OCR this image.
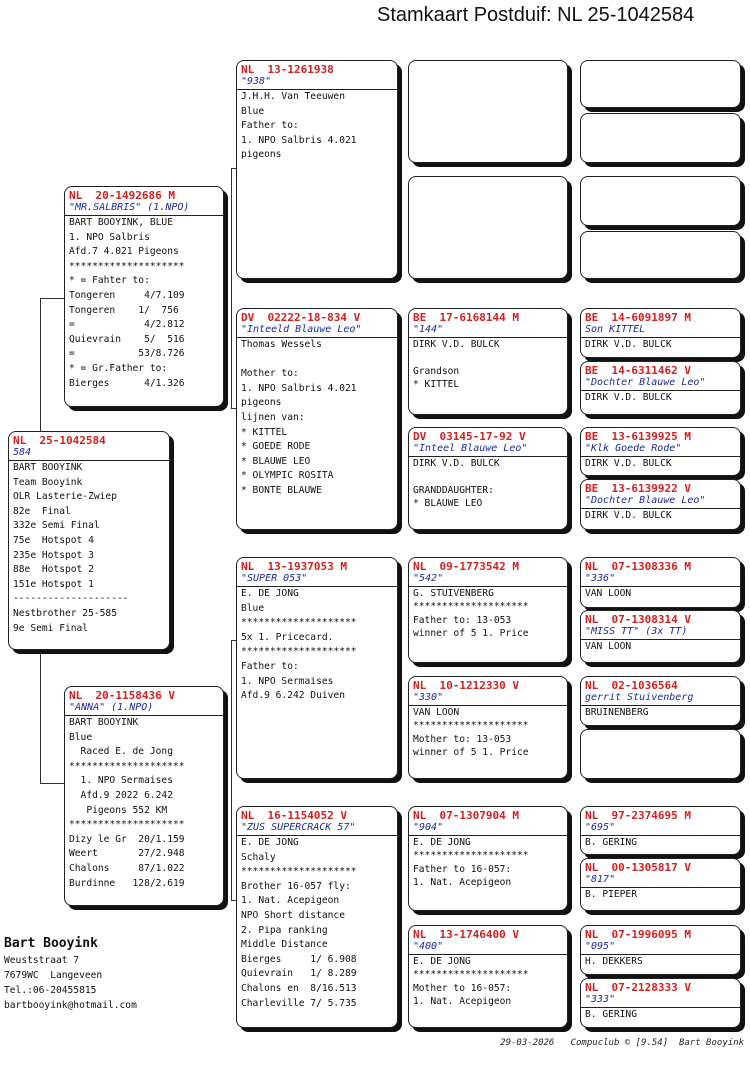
Stamkaart Postduif: NL 25-1042584
NL  25-1042584
584
BART BOOYINK
Team Booyink
OLR Lasterie-Zwiep
82e  Final
332e Semi Final
75e  Hotspot 4
235e Hotspot 3
88e  Hotspot 2
151e Hotspot 1
--------------------
Nestbrother 25-585
9e Semi Final
NL  20-1492686 M
"MR.SALBRIS" (1.NPO)
BART BOOYINK, BLUE
1. NPO Salbris
Afd.7 4.021 Pigeons
********************
* = Fahter to:
Tongeren     4/7.109
Tongeren    1/  756
=            4/2.812
Quievrain    5/  516
=           53/8.726
* = Gr.Father to:
Bierges      4/1.326
NL  20-1158436 V
"ANNA" (1.NPO)
BART BOOYINK
Blue
Raced E. de Jong
********************
1. NPO Sermaises
Afd.9 2022 6.242
Pigeons 552 KM
********************
Dizy le Gr  20/1.159
Weert       27/2.948
Chalons     87/1.022
Burdinne   128/2.619
NL  13-1261938
"938"
J.H.H. Van Teeuwen
Blue
Father to:
1. NPO Salbris 4.021
pigeons
DV  02222-18-834 V
"Inteeld Blauwe Leo"
Thomas Wessels

Mother to:
1. NPO Salbris 4.021
pigeons
lijnen van:
* KITTEL
* GOEDE RODE
* BLAUWE LEO
* OLYMPIC ROSITA
* BONTE BLAUWE
NL  13-1937053 M
"SUPER 053"
E. DE JONG
Blue
********************
5x 1. Pricecard.
********************
Father to:
1. NPO Sermaises
Afd.9 6.242 Duiven
NL  16-1154052 V
"ZUS SUPERCRACK 57"
E. DE JONG
Schaly
********************
Brother 16-057 fly:
1. Nat. Acepigeon
NPO Short distance
2. Pipa ranking
Middle Distance
Bierges     1/ 6.908
Quievrain   1/ 8.289
Chalons en  8/16.513
Charleville 7/ 5.735
BE  17-6168144 M
"144"
DIRK V.D. BULCK

Grandson
* KITTEL
DV  03145-17-92 V
"Inteel Blauwe Leo"
DIRK V.D. BULCK

GRANDDAUGHTER:
* BLAUWE LEO
NL  09-1773542 M
"542"
G. STUIVENBERG
********************
Father to: 13-053
winner of 5 1. Price
NL  10-1212330 V
"330"
VAN LOON
********************
Mother to: 13-053
winner of 5 1. Price
NL  07-1307904 M
"904"
E. DE JONG
********************
Father to 16-057:
1. Nat. Acepigeon
NL  13-1746400 V
"400"
E. DE JONG
********************
Mother to 16-057:
1. Nat. Acepigeon
BE  14-6091897 M
Son KITTEL
DIRK V.D. BULCK
BE  14-6311462 V
"Dochter Blauwe Leo"
DIRK V.D. BULCK
BE  13-6139925 M
"Klk Goede Rode"
DIRK V.D. BULCK
BE  13-6139922 V
"Dochter Blauwe Leo"
DIRK V.D. BULCK
NL  07-1308336 M
"336"
VAN LOON
NL  07-1308314 V
"MISS TT" (3x TT)
VAN LOON
NL  02-1036564
gerrit Stuivenberg
BRUINENBERG
NL  97-2374695 M
"695"
B. GERING
NL  00-1305817 V
"817"
B. PIEPER
NL  07-1996095 M
"095"
H. DEKKERS
NL  07-2128333 V
"333"
B. GERING
Bart Booyink
Weuststraat 7
7679WC  Langeveen
Tel.:06-20455815
bartbooyink@hotmail.com
29-03-2026   Compuclub © [9.54]  Bart Booyink
